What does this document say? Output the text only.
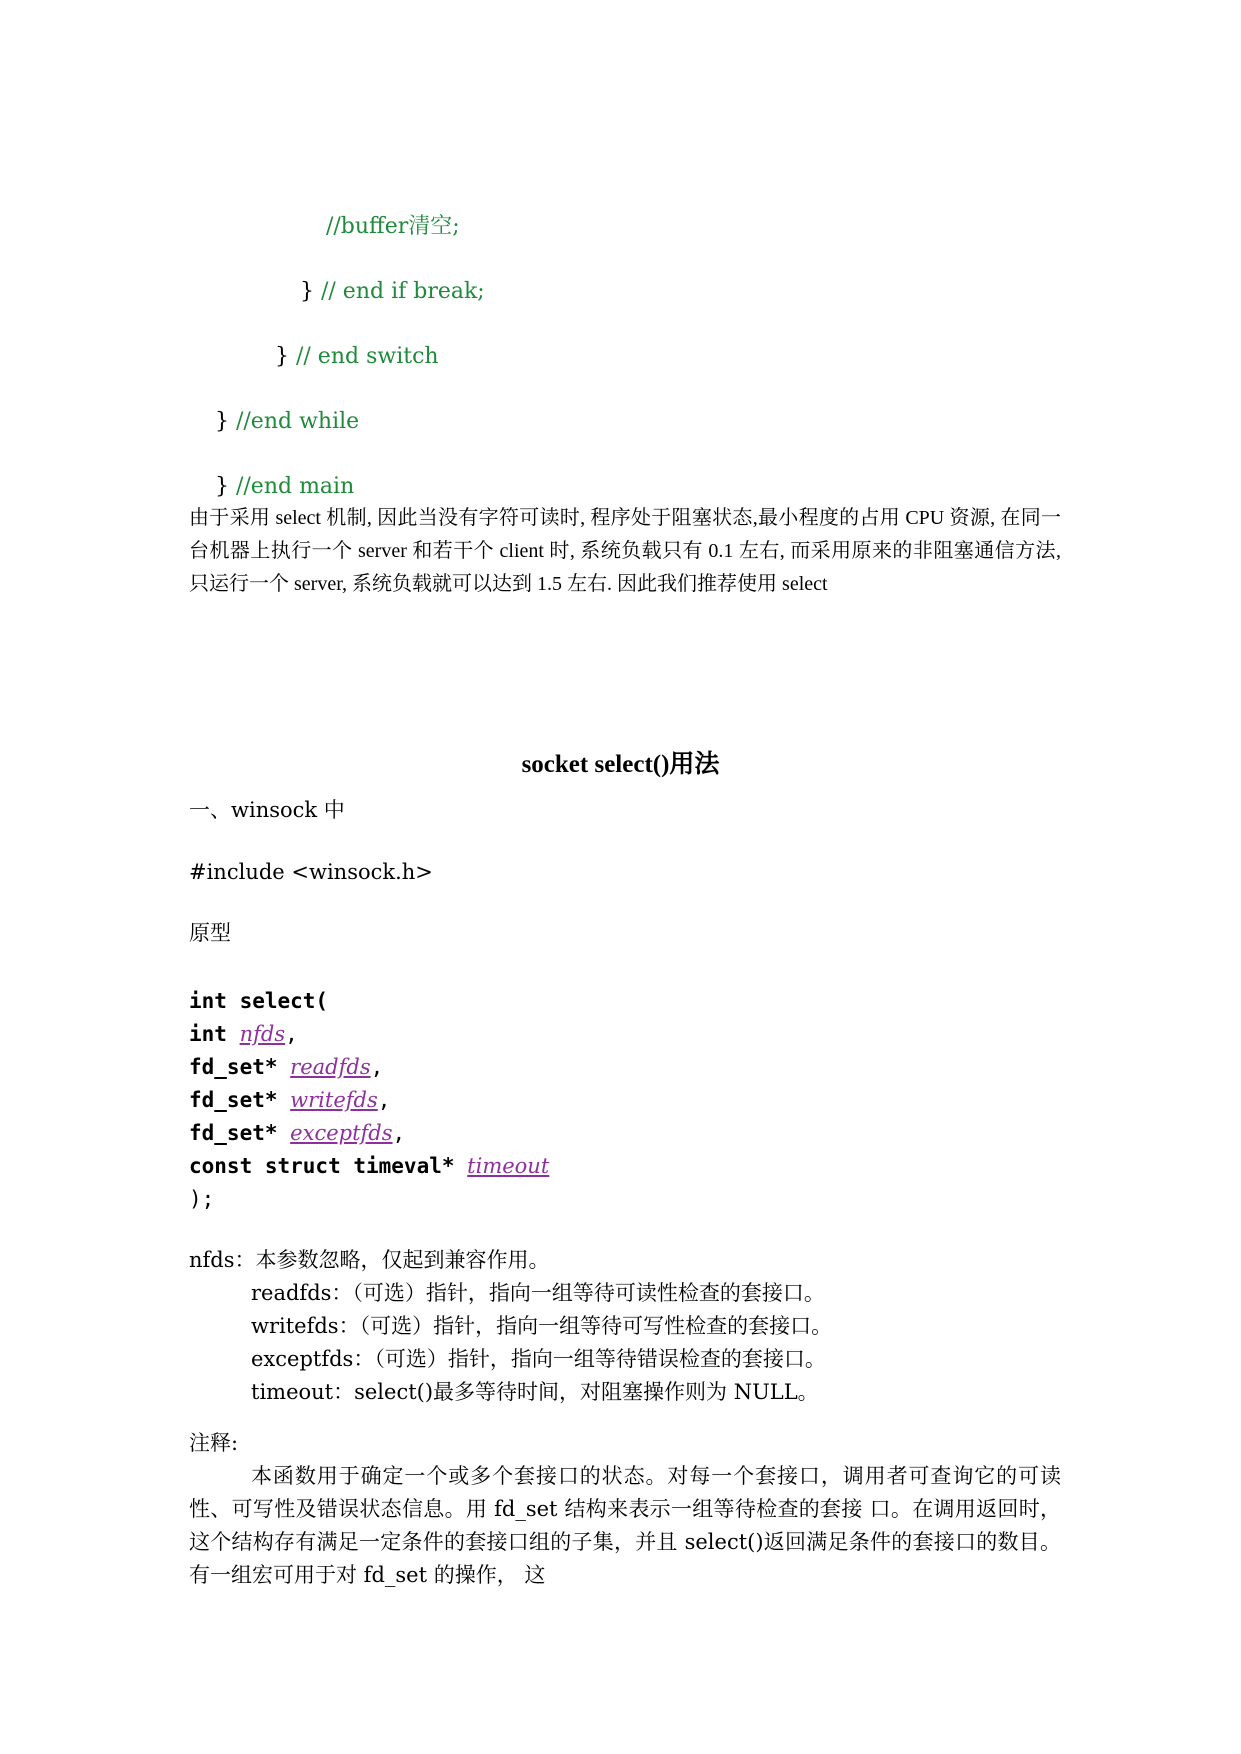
//buffer清空;

} // end if break;

} // end switch

} //end while

} //end main

由于采用 select 机制, 因此当没有字符可读时, 程序处于阻塞状态,最小程度的占用 CPU 资源, 在同一台机器上执行一个 server 和若干个 client 时, 系统负载只有 0.1 左右, 而采用原来的非阻塞通信方法, 只运行一个 server, 系统负载就可以达到 1.5 左右. 因此我们推荐使用 select
socket select()用法
一、winsock 中
#include <winsock.h>
原型
int select(
int nfds,
fd_set* readfds,
fd_set* writefds,
fd_set* exceptfds,
const struct timeval* timeout
);
nfds：本参数忽略，仅起到兼容作用。
readfds：（可选）指针，指向一组等待可读性检查的套接口。
writefds：（可选）指针，指向一组等待可写性检查的套接口。
exceptfds：（可选）指针，指向一组等待错误检查的套接口。
timeout：select()最多等待时间，对阻塞操作则为 NULL。
注释:
本函数用于确定一个或多个套接口的状态。对每一个套接口，调用者可查询它的可读性、可写性及错误状态信息。用 fd_set 结构来表示一组等待检查的套接 口。在调用返回时，这个结构存有满足一定条件的套接口组的子集，并且 select()返回满足条件的套接口的数目。有一组宏可用于对 fd_set 的操作， 这
